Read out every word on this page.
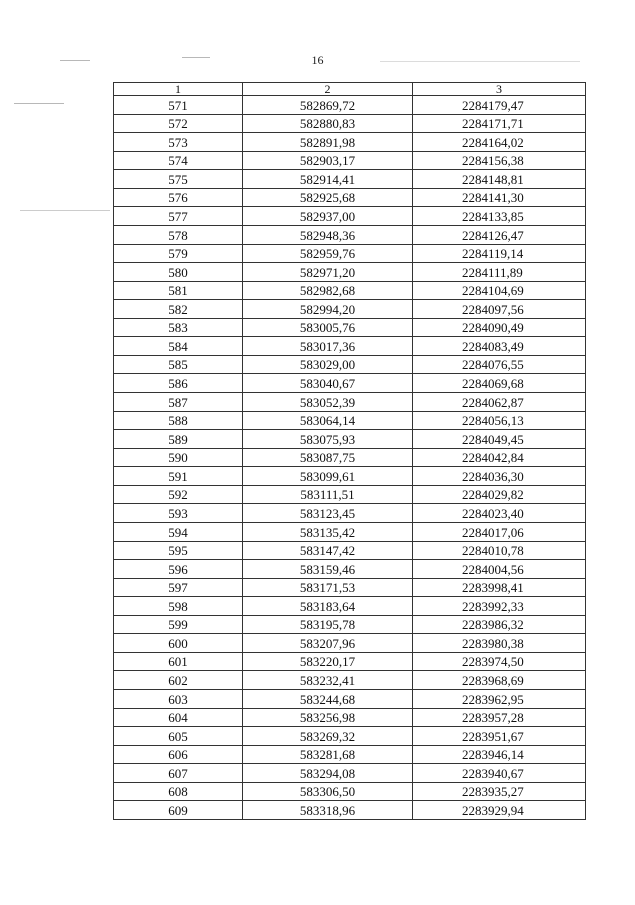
16
1	2	3
571	582869,72	2284179,47
572	582880,83	2284171,71
573	582891,98	2284164,02
574	582903,17	2284156,38
575	582914,41	2284148,81
576	582925,68	2284141,30
577	582937,00	2284133,85
578	582948,36	2284126,47
579	582959,76	2284119,14
580	582971,20	2284111,89
581	582982,68	2284104,69
582	582994,20	2284097,56
583	583005,76	2284090,49
584	583017,36	2284083,49
585	583029,00	2284076,55
586	583040,67	2284069,68
587	583052,39	2284062,87
588	583064,14	2284056,13
589	583075,93	2284049,45
590	583087,75	2284042,84
591	583099,61	2284036,30
592	583111,51	2284029,82
593	583123,45	2284023,40
594	583135,42	2284017,06
595	583147,42	2284010,78
596	583159,46	2284004,56
597	583171,53	2283998,41
598	583183,64	2283992,33
599	583195,78	2283986,32
600	583207,96	2283980,38
601	583220,17	2283974,50
602	583232,41	2283968,69
603	583244,68	2283962,95
604	583256,98	2283957,28
605	583269,32	2283951,67
606	583281,68	2283946,14
607	583294,08	2283940,67
608	583306,50	2283935,27
609	583318,96	2283929,94
